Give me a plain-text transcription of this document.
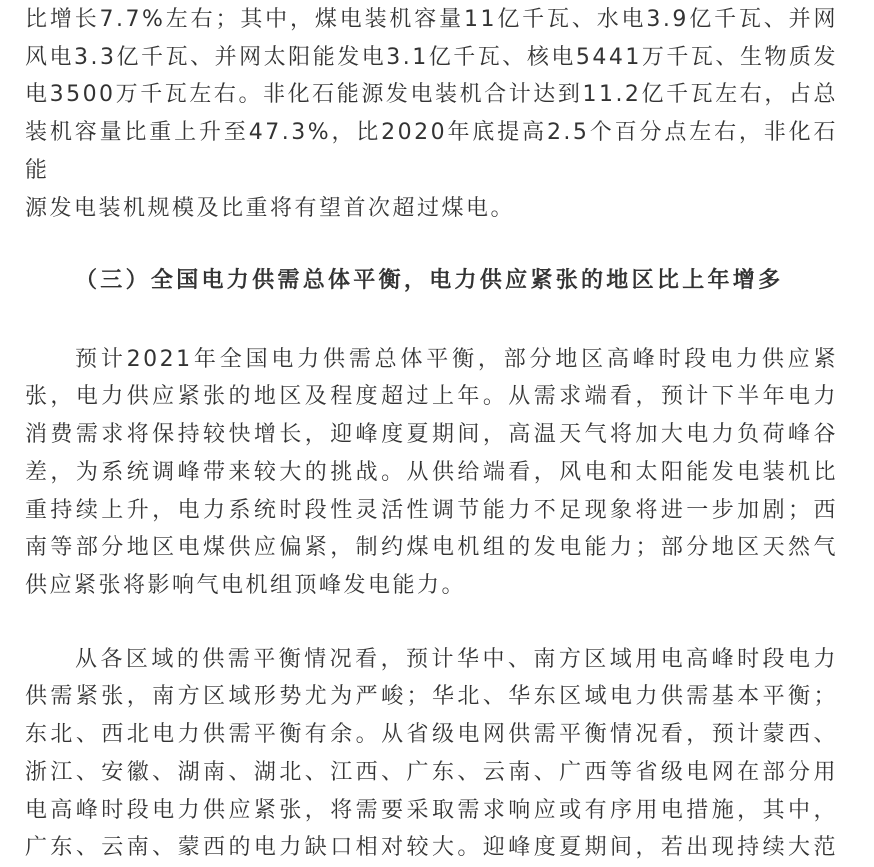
比增长7.7%左右；其中，煤电装机容量11亿千瓦、水电3.9亿千瓦、并网
风电3.3亿千瓦、并网太阳能发电3.1亿千瓦、核电5441万千瓦、生物质发
电3500万千瓦左右。非化石能源发电装机合计达到11.2亿千瓦左右，占总
装机容量比重上升至47.3%，比2020年底提高2.5个百分点左右，非化石能
源发电装机规模及比重将有望首次超过煤电。
（三）全国电力供需总体平衡，电力供应紧张的地区比上年增多
预计2021年全国电力供需总体平衡，部分地区高峰时段电力供应紧
张，电力供应紧张的地区及程度超过上年。从需求端看，预计下半年电力
消费需求将保持较快增长，迎峰度夏期间，高温天气将加大电力负荷峰谷
差，为系统调峰带来较大的挑战。从供给端看，风电和太阳能发电装机比
重持续上升，电力系统时段性灵活性调节能力不足现象将进一步加剧；西
南等部分地区电煤供应偏紧，制约煤电机组的发电能力；部分地区天然气
供应紧张将影响气电机组顶峰发电能力。
从各区域的供需平衡情况看，预计华中、南方区域用电高峰时段电力
供需紧张，南方区域形势尤为严峻；华北、华东区域电力供需基本平衡；
东北、西北电力供需平衡有余。从省级电网供需平衡情况看，预计蒙西、
浙江、安徽、湖南、湖北、江西、广东、云南、广西等省级电网在部分用
电高峰时段电力供应紧张，将需要采取需求响应或有序用电措施，其中，
广东、云南、蒙西的电力缺口相对较大。迎峰度夏期间，若出现持续大范
